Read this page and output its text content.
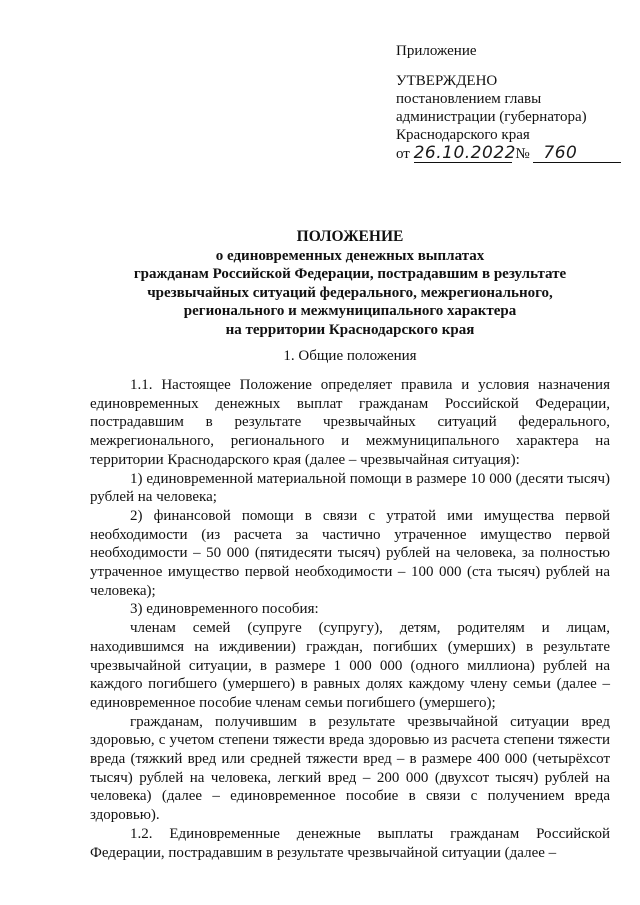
Приложение

УТВЕРЖДЕНО

постановлением главы

администрации (губернатора)

Краснодарского края

от 26.10.2022 № 760

ПОЛОЖЕНИЕ
о единовременных денежных выплатах
гражданам Российской Федерации, пострадавшим в результате
чрезвычайных ситуаций федерального, межрегионального,
регионального и межмуниципального характера
на территории Краснодарского края
1. Общие положения

1.1. Настоящее Положение определяет правила и условия назначения единовременных денежных выплат гражданам Российской Федерации, пострадавшим в результате чрезвычайных ситуаций федерального, межрегионального, регионального и межмуниципального характера на территории Краснодарского края (далее – чрезвычайная ситуация):

1) единовременной материальной помощи в размере 10 000 (десяти тысяч) рублей на человека;

2) финансовой помощи в связи с утратой ими имущества первой необходимости (из расчета за частично утраченное имущество первой необходимости – 50 000 (пятидесяти тысяч) рублей на человека, за полностью утраченное имущество первой необходимости – 100 000 (ста тысяч) рублей на человека);

3) единовременного пособия:

членам семей (супруге (супругу), детям, родителям и лицам, находившимся на иждивении) граждан, погибших (умерших) в результате чрезвычайной ситуации, в размере 1 000 000 (одного миллиона) рублей на каждого погибшего (умершего) в равных долях каждому члену семьи (далее – единовременное пособие членам семьи погибшего (умершего);

гражданам, получившим в результате чрезвычайной ситуации вред здоровью, с учетом степени тяжести вреда здоровью из расчета степени тяжести вреда (тяжкий вред или средней тяжести вред – в размере 400 000 (четырёхсот тысяч) рублей на человека, легкий вред – 200 000 (двухсот тысяч) рублей на человека) (далее – единовременное пособие в связи с получением вреда здоровью).

1.2. Единовременные денежные выплаты гражданам Российской Федерации, пострадавшим в результате чрезвычайной ситуации (далее –
